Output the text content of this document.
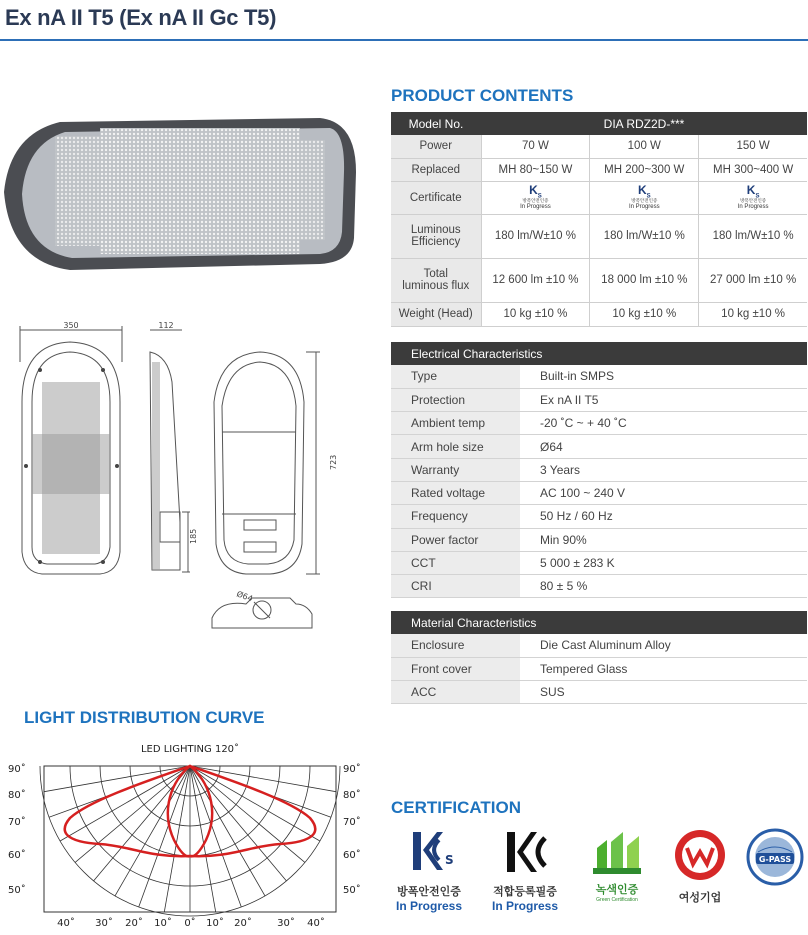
Ex nA II T5 (Ex nA II Gc T5)
350	112
185
723
Ø64
PRODUCT CONTENTS
Model No.	DIA RDZ2D-***		
Power	70 W	100 W	150 W
Replaced	MH 80~150 W	MH 200~300 W	MH 300~400 W
Certificate	$K_S$
방폭안전인증
In Progress	$K_S$
방폭안전인증
In Progress	$K_S$
방폭안전인증
In Progress

Luminous
Efficiency	180 lm/W±10 %	180 lm/W±10 %	180 lm/W±10 %
Total
luminous flux	12 600 lm ±10 %	18 000 lm ±10 %	27 000 lm ±10 %
Weight (Head)	10 kg ±10 %	10 kg ±10 %	10 kg ±10 %
Electrical Characteristics	
Type	Built-in SMPS
Protection	Ex nA II T5
Ambient temp	-20 ˚C ~ + 40 ˚C
Arm hole size	Ø64
Warranty	3 Years
Rated voltage	AC 100 ~ 240 V
Frequency	50 Hz / 60 Hz
Power factor	Min 90%
CCT	5 000 ± 283 K
CRI	80 ± 5 %
Material Characteristics	
Enclosure	Die Cast Aluminum Alloy
Front cover	Tempered Glass
ACC	SUS
LIGHT DISTRIBUTION CURVE
LED LIGHTING 120˚
90˚
80˚
70˚
60˚
50˚
90˚
80˚
70˚
60˚
50˚
40˚ 30˚ 20˚ 10˚ 0˚ 10˚ 20˚	30˚ 40˚
CERTIFICATION
S
방폭안전인증
In Progress
적합등록필증
In Progress
녹색인증
Green Certification	여성기업
G-PASS
